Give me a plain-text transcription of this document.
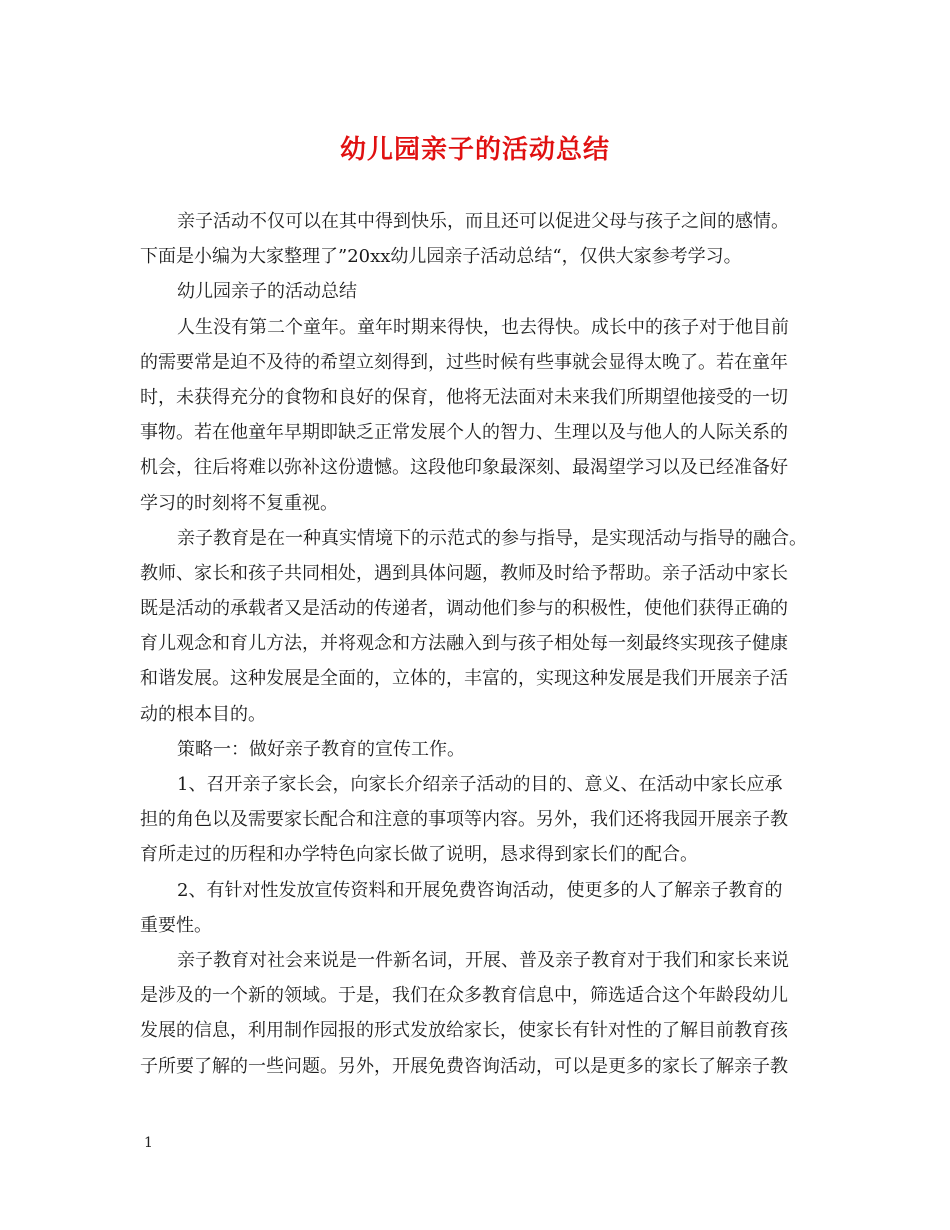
幼儿园亲子的活动总结
亲子活动不仅可以在其中得到快乐，而且还可以促进父母与孩子之间的感情。
下面是小编为大家整理了”20xx幼儿园亲子活动总结“，仅供大家参考学习。
幼儿园亲子的活动总结
人生没有第二个童年。童年时期来得快，也去得快。成长中的孩子对于他目前
的需要常是迫不及待的希望立刻得到，过些时候有些事就会显得太晚了。若在童年
时，未获得充分的食物和良好的保育，他将无法面对未来我们所期望他接受的一切
事物。若在他童年早期即缺乏正常发展个人的智力、生理以及与他人的人际关系的
机会，往后将难以弥补这份遗憾。这段他印象最深刻、最渴望学习以及已经准备好
学习的时刻将不复重视。
亲子教育是在一种真实情境下的示范式的参与指导，是实现活动与指导的融合。
教师、家长和孩子共同相处，遇到具体问题，教师及时给予帮助。亲子活动中家长
既是活动的承载者又是活动的传递者，调动他们参与的积极性，使他们获得正确的
育儿观念和育儿方法，并将观念和方法融入到与孩子相处每一刻最终实现孩子健康
和谐发展。这种发展是全面的，立体的，丰富的，实现这种发展是我们开展亲子活
动的根本目的。
策略一：做好亲子教育的宣传工作。
1、召开亲子家长会，向家长介绍亲子活动的目的、意义、在活动中家长应承
担的角色以及需要家长配合和注意的事项等内容。另外，我们还将我园开展亲子教
育所走过的历程和办学特色向家长做了说明，恳求得到家长们的配合。
2、有针对性发放宣传资料和开展免费咨询活动，使更多的人了解亲子教育的
重要性。
亲子教育对社会来说是一件新名词，开展、普及亲子教育对于我们和家长来说
是涉及的一个新的领域。于是，我们在众多教育信息中，筛选适合这个年龄段幼儿
发展的信息，利用制作园报的形式发放给家长，使家长有针对性的了解目前教育孩
子所要了解的一些问题。另外，开展免费咨询活动，可以是更多的家长了解亲子教
1
